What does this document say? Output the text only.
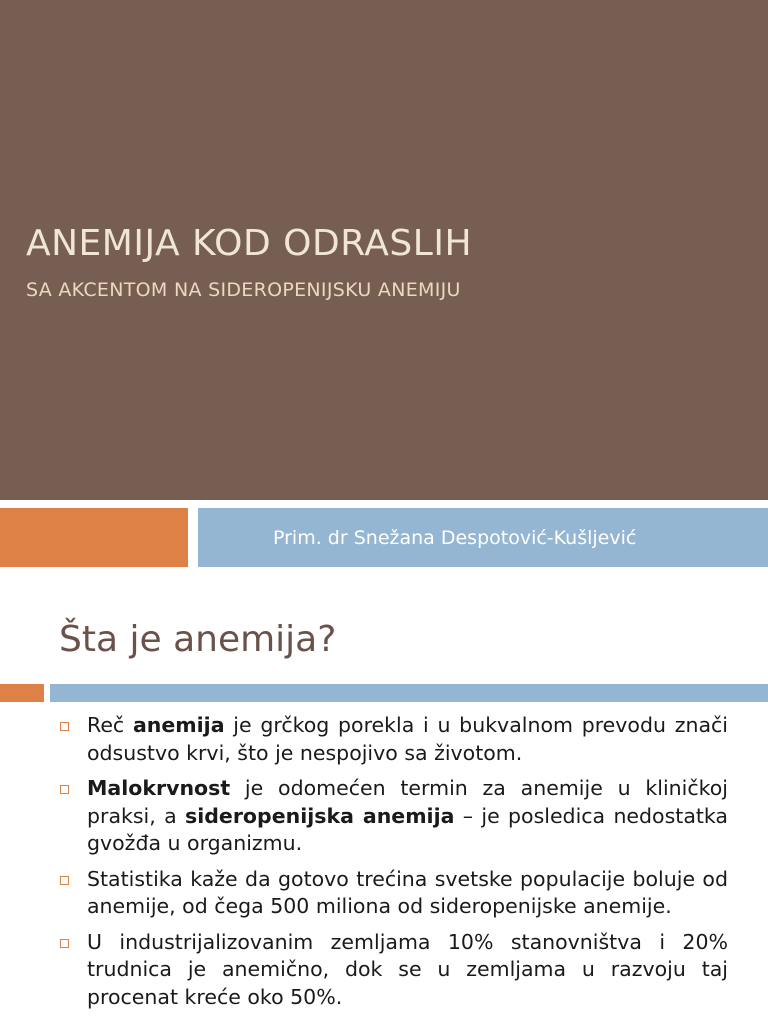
ANEMIJA KOD ODRASLIH
SA AKCENTOM NA SIDEROPENIJSKU ANEMIJU
Prim. dr Snežana Despotović-Kušljević
Šta je anemija?
Reč anemija je grčkog porekla i u bukvalnom prevodu znači odsustvo krvi, što je nespojivo sa životom.
Malokrvnost je odomećen termin za anemije u kliničkoj praksi, a sideropenijska anemija – je posledica nedostatka gvožđa u organizmu.
Statistika kaže da gotovo trećina svetske populacije boluje od anemije, od čega 500 miliona od sideropenijske anemije.
U industrijalizovanim zemljama 10% stanovništva i 20% trudnica je anemično, dok se u zemljama u razvoju taj procenat kreće oko 50%.
